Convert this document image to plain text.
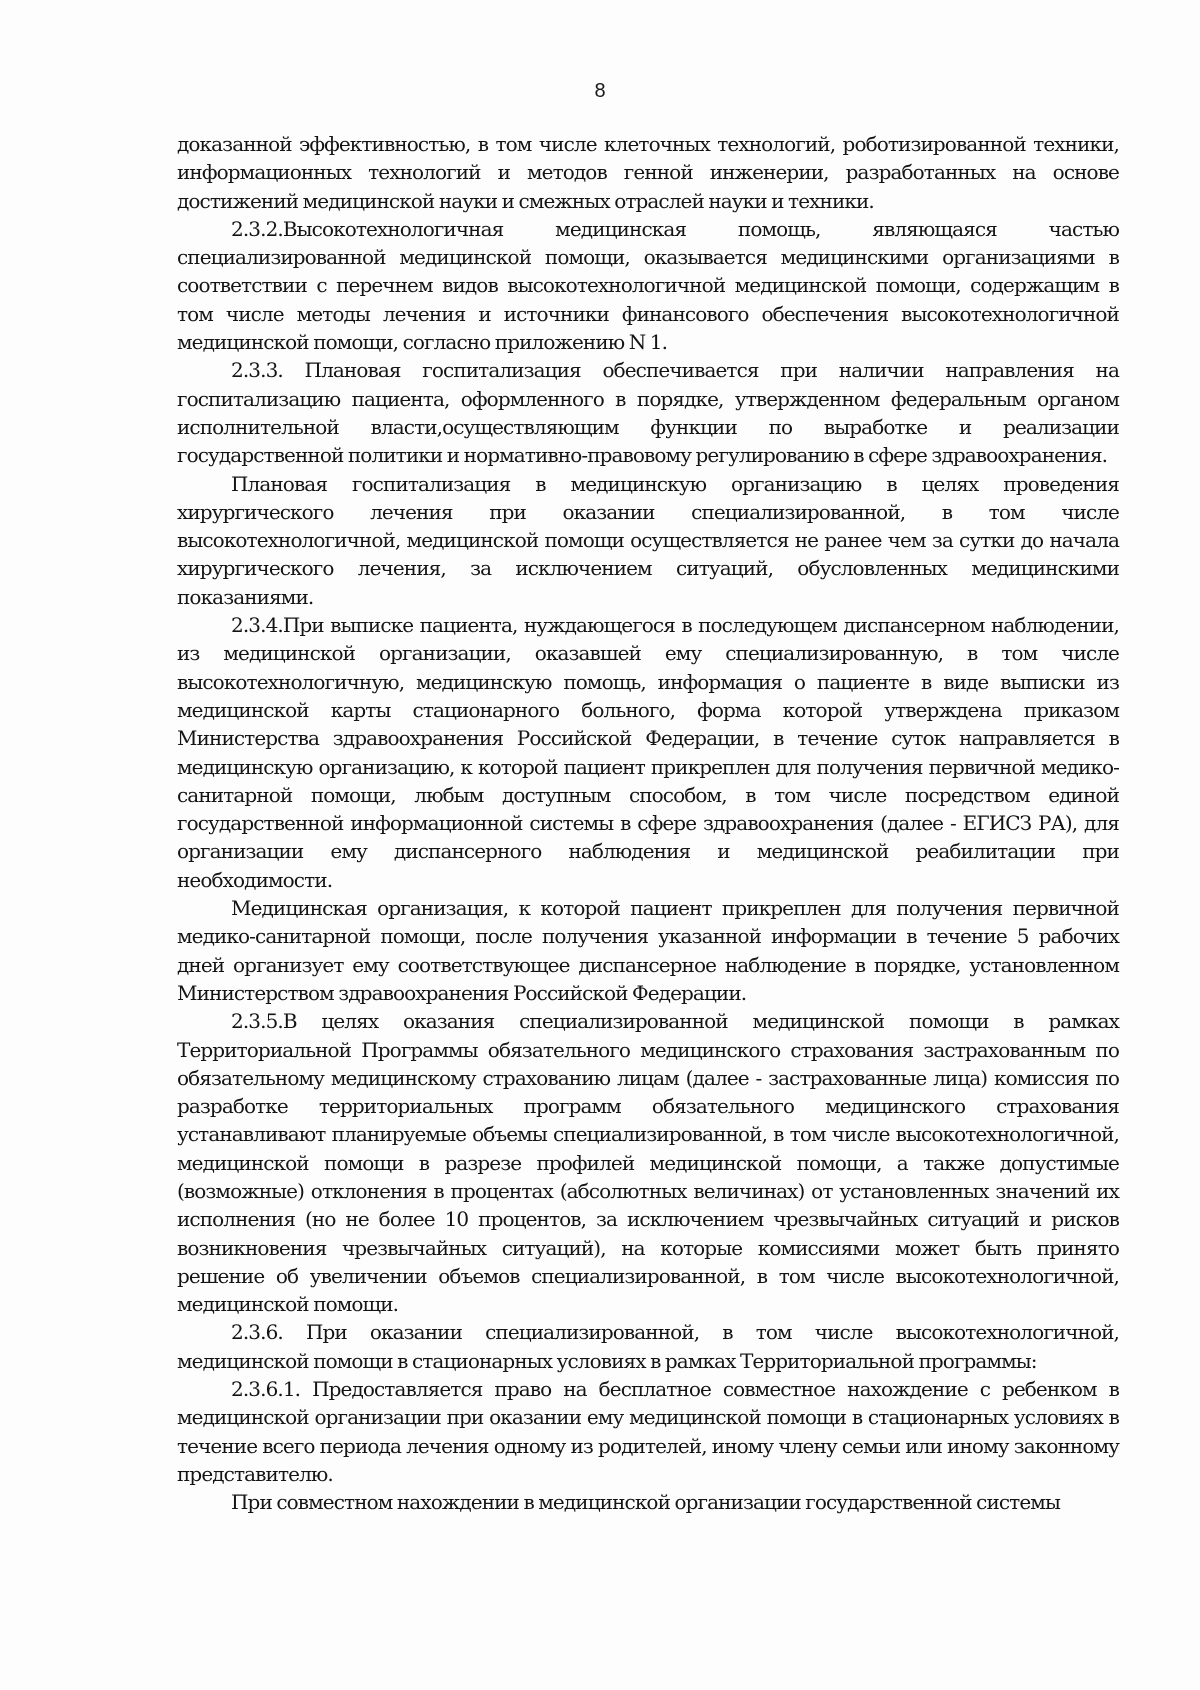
8

доказанной эффективностью, в том числе клеточных технологий, роботизированной техники, информационных технологий и методов генной инженерии, разработанных на основе достижений медицинской науки и смежных отраслей науки и техники.

2.3.2.Высокотехнологичная медицинская помощь, являющаяся частью специализированной медицинской помощи, оказывается медицинскими организациями в соответствии с перечнем видов высокотехнологичной медицинской помощи, содержащим в том числе методы лечения и источники финансового обеспечения высокотехнологичной медицинской помощи, согласно приложению N 1.

2.3.3. Плановая госпитализация обеспечивается при наличии направления на госпитализацию пациента, оформленного в порядке, утвержденном федеральным органом исполнительной власти,осуществляющим функции по выработке и реализации государственной политики и нормативно-правовому регулированию в сфере здравоохранения.

Плановая госпитализация в медицинскую организацию в целях проведения хирургического лечения при оказании специализированной, в том числе высокотехнологичной, медицинской помощи осуществляется не ранее чем за сутки до начала хирургического лечения, за исключением ситуаций, обусловленных медицинскими показаниями.

2.3.4.При выписке пациента, нуждающегося в последующем диспансерном наблюдении, из медицинской организации, оказавшей ему специализированную, в том числе высокотехнологичную, медицинскую помощь, информация о пациенте в виде выписки из медицинской карты стационарного больного, форма которой утверждена приказом Министерства здравоохранения Российской Федерации, в течение суток направляется в медицинскую организацию, к которой пациент прикреплен для получения первичной медико-санитарной помощи, любым доступным способом, в том числе посредством единой государственной информационной системы в сфере здравоохранения (далее - ЕГИСЗ РА), для организации ему диспансерного наблюдения и медицинской реабилитации при необходимости.

Медицинская организация, к которой пациент прикреплен для получения первичной медико-санитарной помощи, после получения указанной информации в течение 5 рабочих дней организует ему соответствующее диспансерное наблюдение в порядке, установленном Министерством здравоохранения Российской Федерации.

2.3.5.В целях оказания специализированной медицинской помощи в рамках Территориальной Программы обязательного медицинского страхования застрахованным по обязательному медицинскому страхованию лицам (далее - застрахованные лица) комиссия по разработке территориальных программ обязательного медицинского страхования устанавливают планируемые объемы специализированной, в том числе высокотехнологичной, медицинской помощи в разрезе профилей медицинской помощи, а также допустимые (возможные) отклонения в процентах (абсолютных величинах) от установленных значений их исполнения (но не более 10 процентов, за исключением чрезвычайных ситуаций и рисков возникновения чрезвычайных ситуаций), на которые комиссиями может быть принято решение об увеличении объемов специализированной, в том числе высокотехнологичной, медицинской помощи.

2.3.6. При оказании специализированной, в том числе высокотехнологичной, медицинской помощи в стационарных условиях в рамках Территориальной программы:

2.3.6.1. Предоставляется право на бесплатное совместное нахождение с ребенком в медицинской организации при оказании ему медицинской помощи в стационарных условиях в течение всего периода лечения одному из родителей, иному члену семьи или иному законному представителю.

При совместном нахождении в медицинской организации государственной системы
